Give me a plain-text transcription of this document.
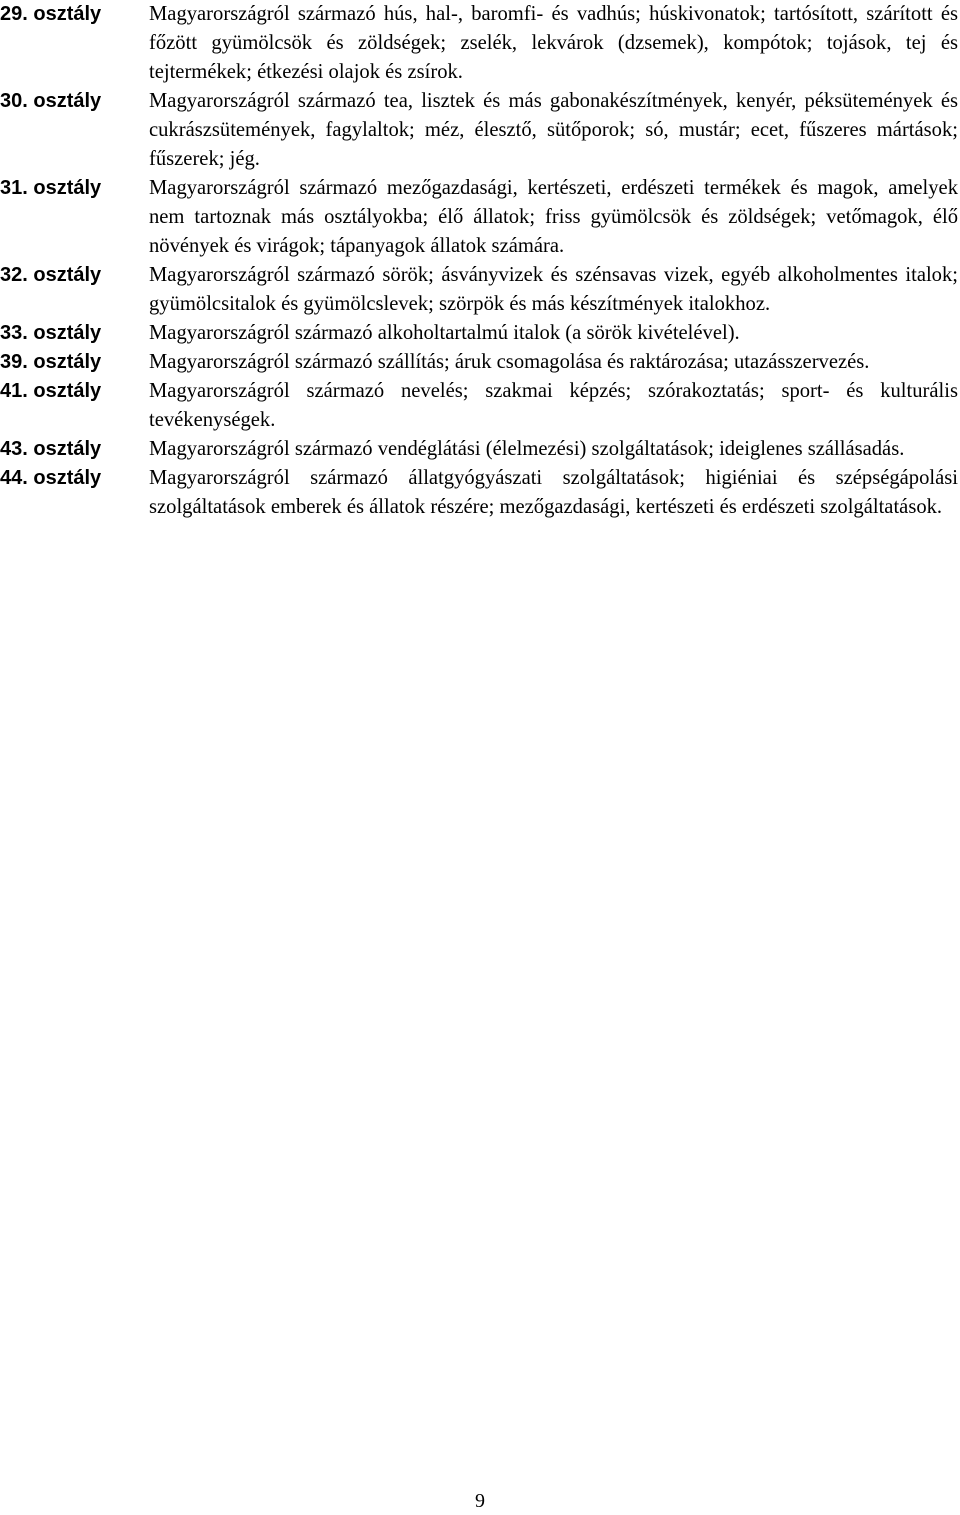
29. osztály	Magyarországról származó hús, hal-, baromfi- és vadhús; húskivonatok; tartósított, szárított és főzött gyümölcsök és zöldségek; zselék, lekvárok (dzsemek), kompótok; tojások, tej és tejtermékek; étkezési olajok és zsírok.
30. osztály	Magyarországról származó tea, lisztek és más gabonakészítmények, kenyér, péksütemények és cukrászsütemények, fagylaltok; méz, élesztő, sütőporok; só, mustár; ecet, fűszeres mártások; fűszerek; jég.
31. osztály	Magyarországról származó mezőgazdasági, kertészeti, erdészeti termékek és magok, amelyek nem tartoznak más osztályokba; élő állatok; friss gyümölcsök és zöldségek; vetőmagok, élő növények és virágok; tápanyagok állatok számára.
32. osztály	Magyarországról származó sörök; ásványvizek és szénsavas vizek, egyéb alkoholmentes italok; gyümölcsitalok és gyümölcslevek; szörpök és más készítmények italokhoz.
33. osztály	Magyarországról származó alkoholtartalmú italok (a sörök kivételével).
39. osztály	Magyarországról származó szállítás; áruk csomagolása és raktározása; utazásszervezés.
41. osztály	Magyarországról származó nevelés; szakmai képzés; szórakoztatás; sport- és kulturális tevékenységek.
43. osztály	Magyarországról származó vendéglátási (élelmezési) szolgáltatások; ideiglenes szállásadás.
44. osztály	Magyarországról származó állatgyógyászati szolgáltatások; higiéniai és szépségápolási szolgáltatások emberek és állatok részére; mezőgazdasági, kertészeti és erdészeti szolgáltatások.
9
